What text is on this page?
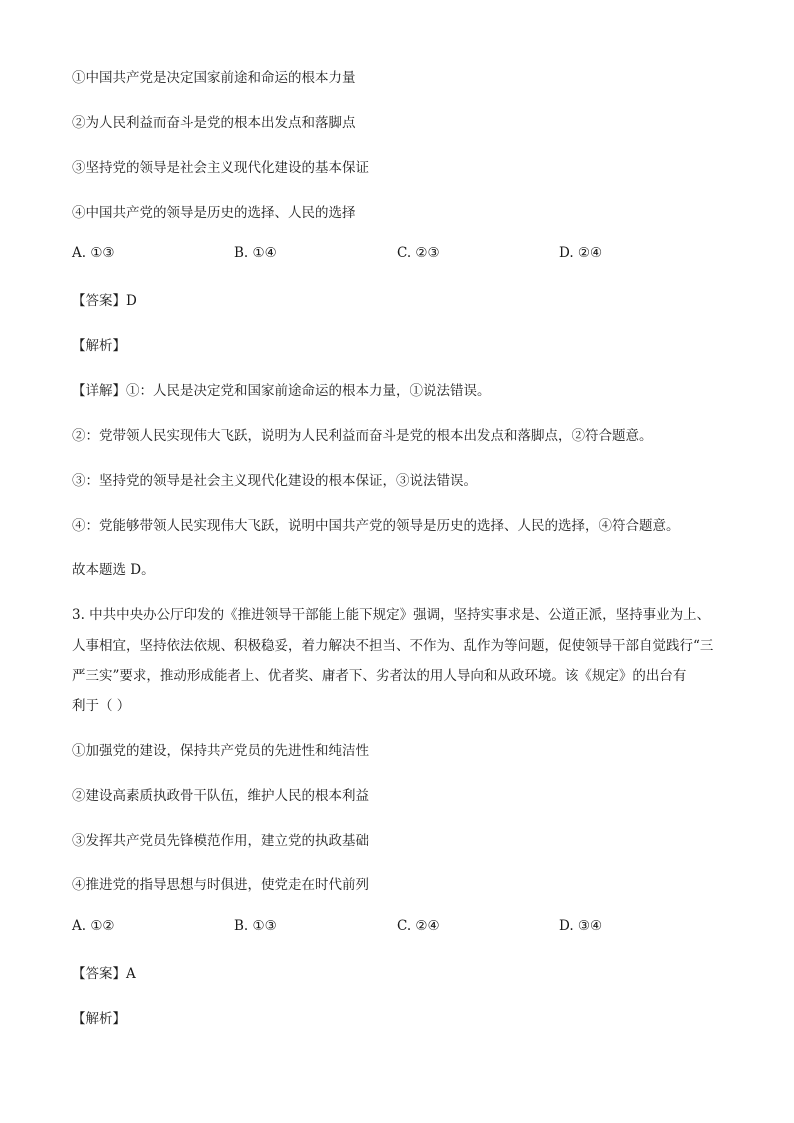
①中国共产党是决定国家前途和命运的根本力量
②为人民利益而奋斗是党的根本出发点和落脚点
③坚持党的领导是社会主义现代化建设的基本保证
④中国共产党的领导是历史的选择、人民的选择
A. ①③	B. ①④	C. ②③	D. ②④
【答案】D
【解析】
【详解】①：人民是决定党和国家前途命运的根本力量，①说法错误。
②：党带领人民实现伟大飞跃，说明为人民利益而奋斗是党的根本出发点和落脚点，②符合题意。
③：坚持党的领导是社会主义现代化建设的根本保证，③说法错误。
④：党能够带领人民实现伟大飞跃，说明中国共产党的领导是历史的选择、人民的选择，④符合题意。
故本题选 D。
3. 中共中央办公厅印发的《推进领导干部能上能下规定》强调，坚持实事求是、公道正派，坚持事业为上、
人事相宜，坚持依法依规、积极稳妥，着力解决不担当、不作为、乱作为等问题，促使领导干部自觉践行“三
严三实”要求，推动形成能者上、优者奖、庸者下、劣者汰的用人导向和从政环境。该《规定》的出台有
利于（ ）
①加强党的建设，保持共产党员的先进性和纯洁性
②建设高素质执政骨干队伍，维护人民的根本利益
③发挥共产党员先锋模范作用，建立党的执政基础
④推进党的指导思想与时俱进，使党走在时代前列
A. ①②	B. ①③	C. ②④	D. ③④
【答案】A
【解析】
